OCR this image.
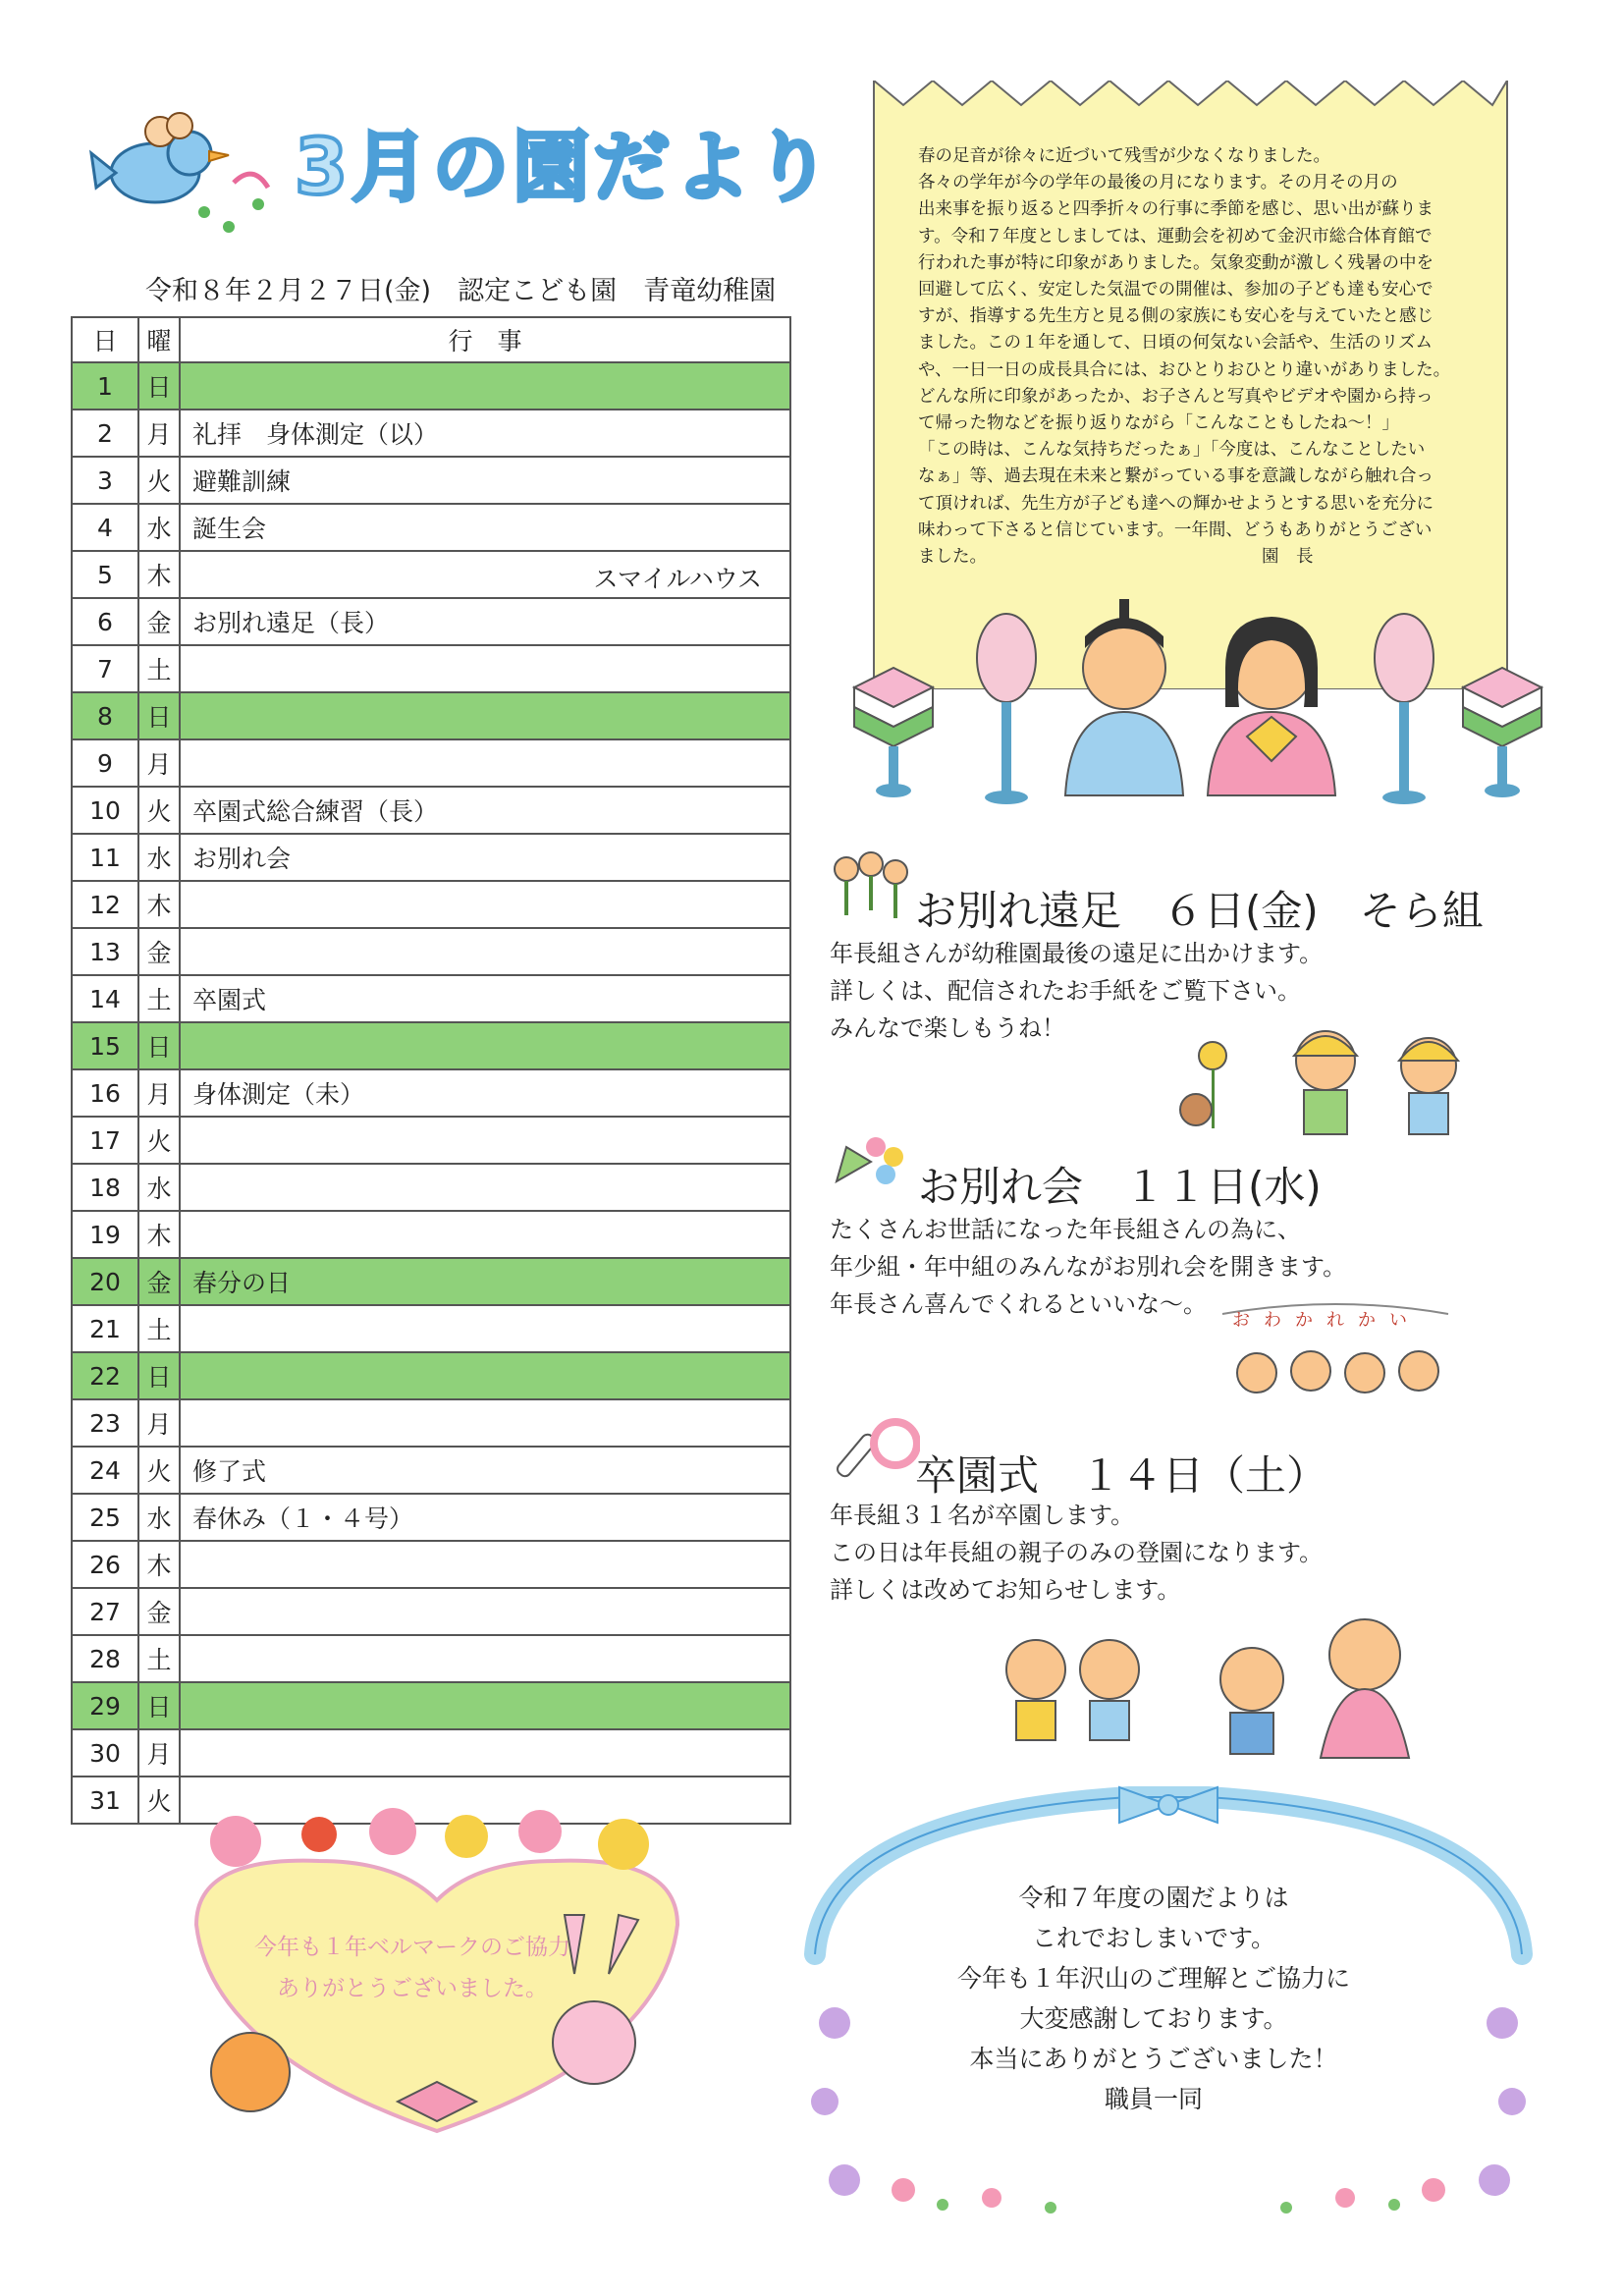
3月の園だより
令和８年２月２７日(金)　認定こども園　青竜幼稚園
日	曜	行　事
1	日	
2	月	礼拝　身体測定（以）
3	火	避難訓練
4	水	誕生会
5	木	スマイルハウス

6	金	お別れ遠足（長）
7	土	
8	日	
9	月	
10	火	卒園式総合練習（長）
11	水	お別れ会
12	木	
13	金	
14	土	卒園式
15	日	
16	月	身体測定（未）
17	火	
18	水	
19	木	
20	金	春分の日
21	土	
22	日	
23	月	
24	火	修了式
25	水	春休み（１・４号）
26	木	
27	金	
28	土	
29	日	
30	月	
31	火	
春の足音が徐々に近づいて残雪が少なくなりました。
各々の学年が今の学年の最後の月になります。その月その月の
出来事を振り返ると四季折々の行事に季節を感じ、思い出が蘇りま
す。令和７年度としましては、運動会を初めて金沢市総合体育館で
行われた事が特に印象がありました。気象変動が激しく残暑の中を
回避して広く、安定した気温での開催は、参加の子ども達も安心で
すが、指導する先生方と見る側の家族にも安心を与えていたと感じ
ました。この１年を通して、日頃の何気ない会話や、生活のリズム
や、一日一日の成長具合には、おひとりおひとり違いがありました。
どんな所に印象があったか、お子さんと写真やビデオや園から持っ
て帰った物などを振り返りながら「こんなこともしたね～！」
「この時は、こんな気持ちだったぁ」「今度は、こんなことしたい
なぁ」等、過去現在未来と繋がっている事を意識しながら触れ合っ
て頂ければ、先生方が子ども達への輝かせようとする思いを充分に
味わって下さると信じています。一年間、どうもありがとうござい
ました。	園　長
お別れ遠足　６日(金)　そら組
年長組さんが幼稚園最後の遠足に出かけます。
詳しくは、配信されたお手紙をご覧下さい。
みんなで楽しもうね！
お別れ会　１１日(水)
たくさんお世話になった年長組さんの為に、
年少組・年中組のみんながお別れ会を開きます。
年長さん喜んでくれるといいな～。
おわかれかい
卒園式　１４日（土）
年長組３１名が卒園します。
この日は年長組の親子のみの登園になります。
詳しくは改めてお知らせします。
今年も１年ベルマークのご協力
ありがとうございました。
令和７年度の園だよりは
これでおしまいです。
今年も１年沢山のご理解とご協力に
大変感謝しております。
本当にありがとうございました！
職員一同
